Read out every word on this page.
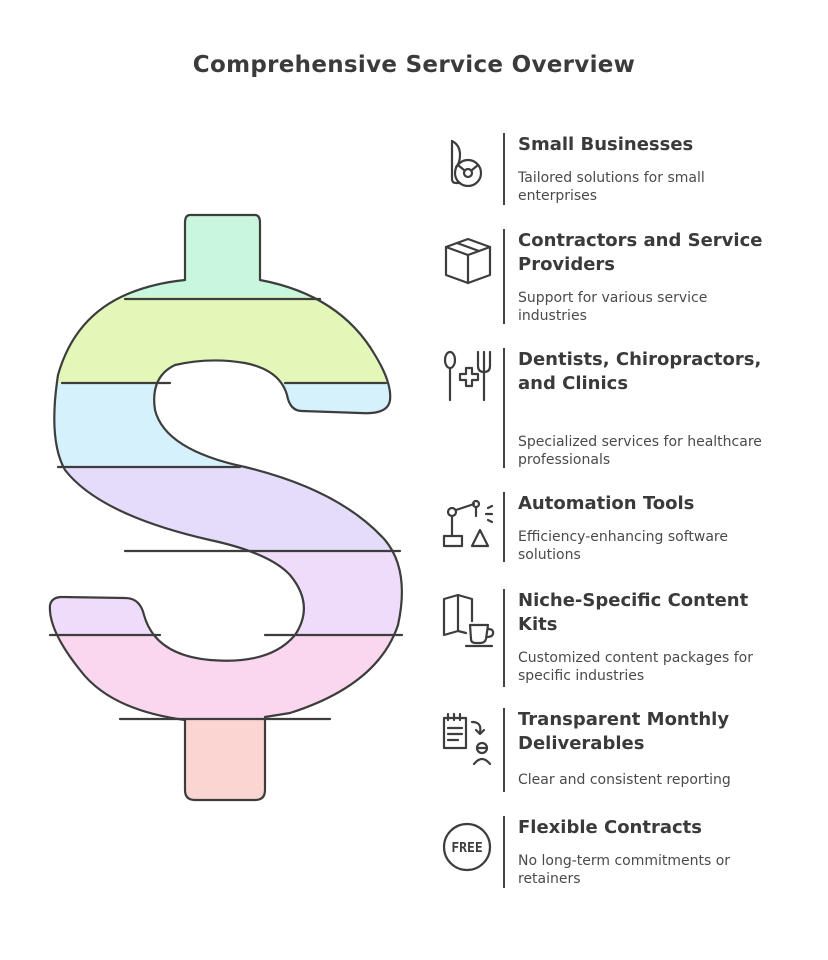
Comprehensive Service Overview
Small Businesses
Tailored solutions for small enterprises
Contractors and Service Providers
Support for various service industries
Dentists, Chiropractors, and Clinics
Specialized services for healthcare professionals
Automation Tools
Efficiency-enhancing software solutions
Niche-Specific Content Kits
Customized content packages for specific industries
Transparent Monthly Deliverables
Clear and consistent reporting
FREE
Flexible Contracts
No long-term commitments or retainers
